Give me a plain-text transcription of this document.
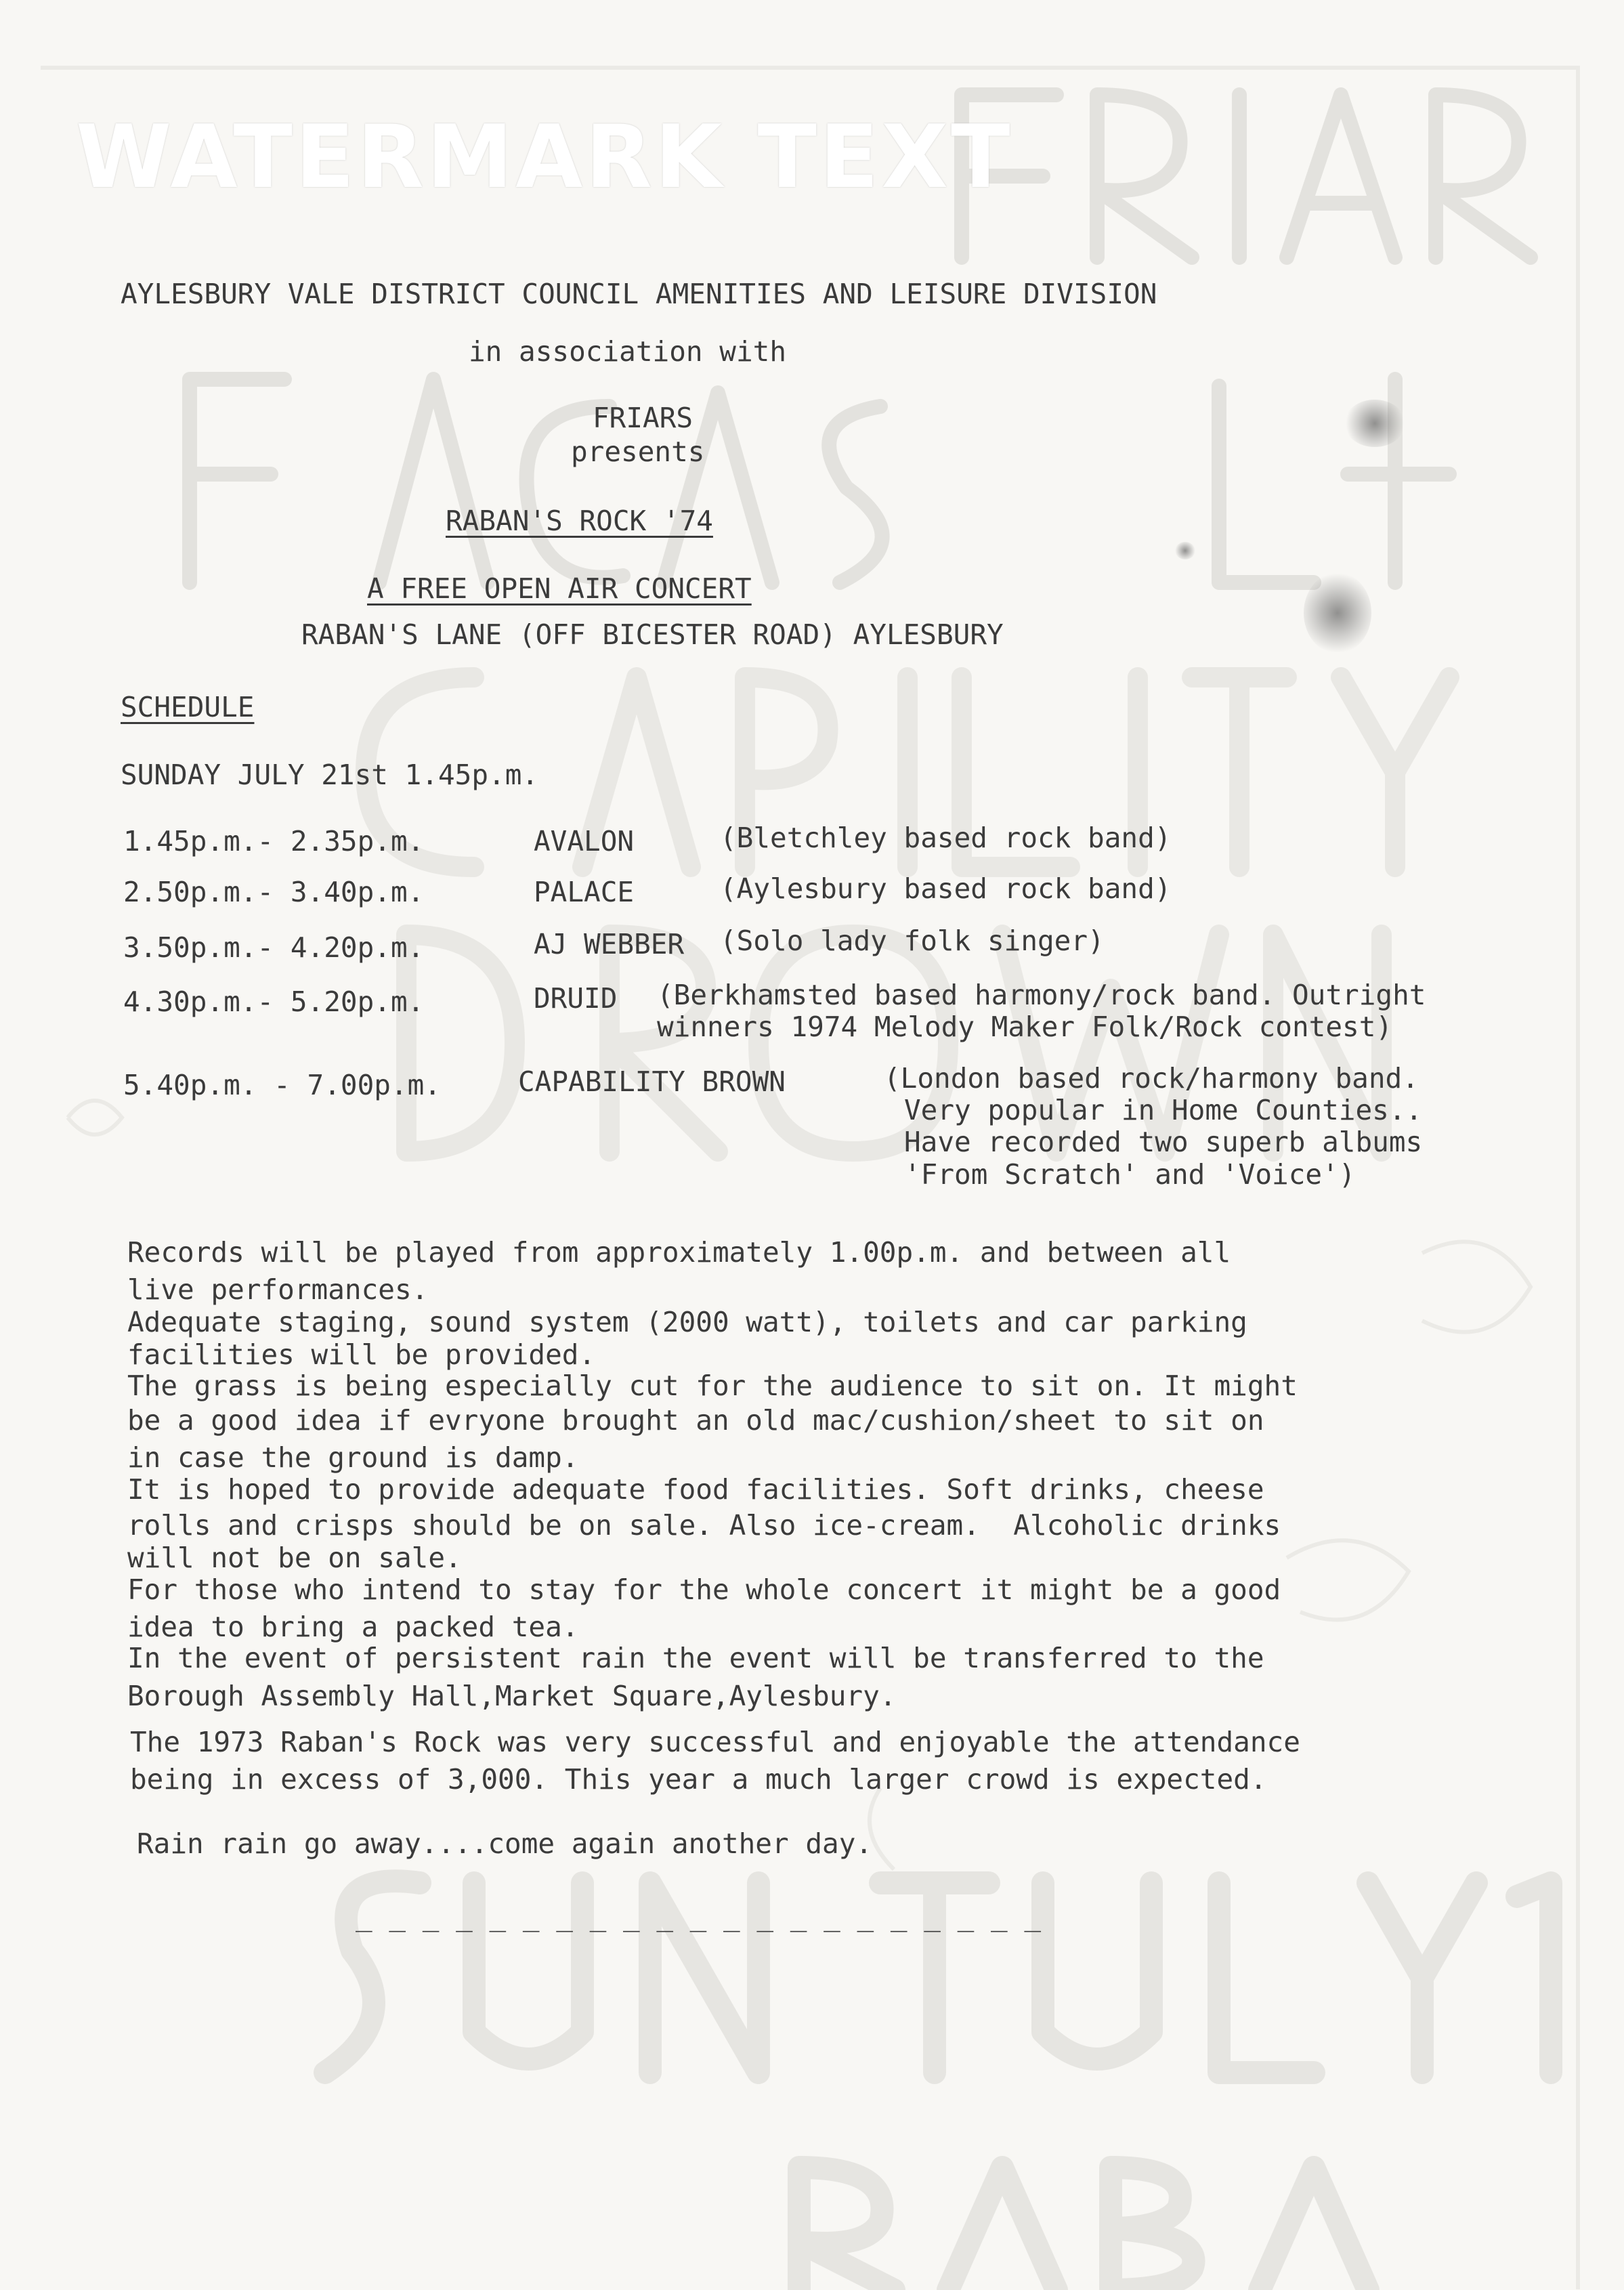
WATERMARK TEXT
AYLESBURY VALE DISTRICT COUNCIL AMENITIES AND LEISURE DIVISION
in association with
FRIARS
presents
RABAN'S ROCK '74
A FREE OPEN AIR CONCERT
RABAN'S LANE (OFF BICESTER ROAD) AYLESBURY
SCHEDULE
SUNDAY JULY 21st 1.45p.m.
1.45p.m.- 2.35p.m.	AVALON	(Bletchley based rock band)
2.50p.m.- 3.40p.m.	PALACE	(Aylesbury based rock band)
3.50p.m.- 4.20p.m.	AJ WEBBER (Solo lady folk singer)
4.30p.m.- 5.20p.m.	DRUID (Berkhamsted based harmony/rock band. Outright
winners 1974 Melody Maker Folk/Rock contest)
5.40p.m. - 7.00p.m.	CAPABILITY BROWN	(London based rock/harmony band.
Very popular in Home Counties..
Have recorded two superb albums
'From Scratch' and 'Voice')
Records will be played from approximately 1.00p.m. and between all
live performances.
Adequate staging, sound system (2000 watt), toilets and car parking
facilities will be provided.
The grass is being especially cut for the audience to sit on. It might
be a good idea if evryone brought an old mac/cushion/sheet to sit on
in case the ground is damp.
It is hoped to provide adequate food facilities. Soft drinks, cheese
rolls and crisps should be on sale. Also ice-cream.  Alcoholic drinks
will not be on sale.
For those who intend to stay for the whole concert it might be a good
idea to bring a packed tea.
In the event of persistent rain the event will be transferred to the
Borough Assembly Hall,Market Square,Aylesbury.
The 1973 Raban's Rock was very successful and enjoyable the attendance
being in excess of 3,000. This year a much larger crowd is expected.
Rain rain go away....come again another day.
_ _ _ _ _ _ _ _ _ _ _ _ _ _ _ _ _ _ _ _ _
